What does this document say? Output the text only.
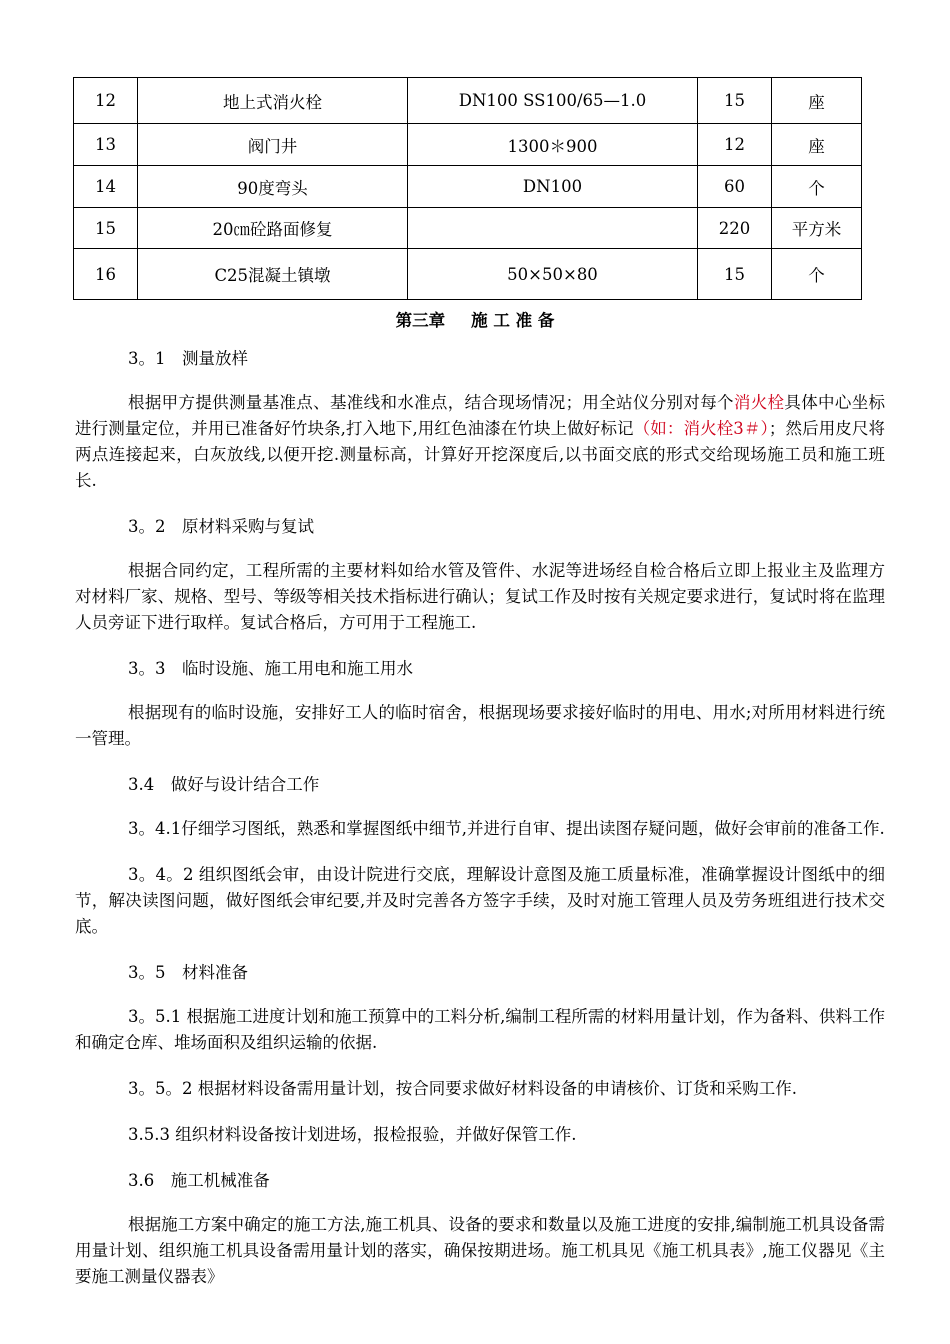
12	地上式消火栓	DN100 SS100/65—1.0	15	座
13	阀门井	1300＊900	12	座
14	90度弯头	DN100	60	个
15	20㎝砼路面修复		220	平方米
16	C25混凝土镇墩	50×50×80	15	个
第三章 施 工 准 备

3。1　测量放样

根据甲方提供测量基准点、基准线和水准点，结合现场情况；用全站仪分别对每个消火栓具体中心坐标进行测量定位，并用已准备好竹块条,打入地下,用红色油漆在竹块上做好标记（如：消火栓3＃）；然后用皮尺将两点连接起来，白灰放线,以便开挖.测量标高，计算好开挖深度后,以书面交底的形式交给现场施工员和施工班长.

3。2　原材料采购与复试

根据合同约定，工程所需的主要材料如给水管及管件、水泥等进场经自检合格后立即上报业主及监理方对材料厂家、规格、型号、等级等相关技术指标进行确认；复试工作及时按有关规定要求进行，复试时将在监理人员旁证下进行取样。复试合格后，方可用于工程施工.

3。3　临时设施、施工用电和施工用水

根据现有的临时设施，安排好工人的临时宿舍，根据现场要求接好临时的用电、用水;对所用材料进行统一管理。

3.4　做好与设计结合工作

3。4.1仔细学习图纸，熟悉和掌握图纸中细节,并进行自审、提出读图存疑问题，做好会审前的准备工作.

3。4。2 组织图纸会审，由设计院进行交底，理解设计意图及施工质量标准，准确掌握设计图纸中的细节，解决读图问题，做好图纸会审纪要,并及时完善各方签字手续，及时对施工管理人员及劳务班组进行技术交底。

3。5　材料准备

3。5.1 根据施工进度计划和施工预算中的工料分析,编制工程所需的材料用量计划，作为备料、供料工作和确定仓库、堆场面积及组织运输的依据.

3。5。2 根据材料设备需用量计划，按合同要求做好材料设备的申请核价、订货和采购工作.

3.5.3 组织材料设备按计划进场，报检报验，并做好保管工作.

3.6　施工机械准备

根据施工方案中确定的施工方法,施工机具、设备的要求和数量以及施工进度的安排,编制施工机具设备需用量计划、组织施工机具设备需用量计划的落实，确保按期进场。施工机具见《施工机具表》,施工仪器见《主要施工测量仪器表》
